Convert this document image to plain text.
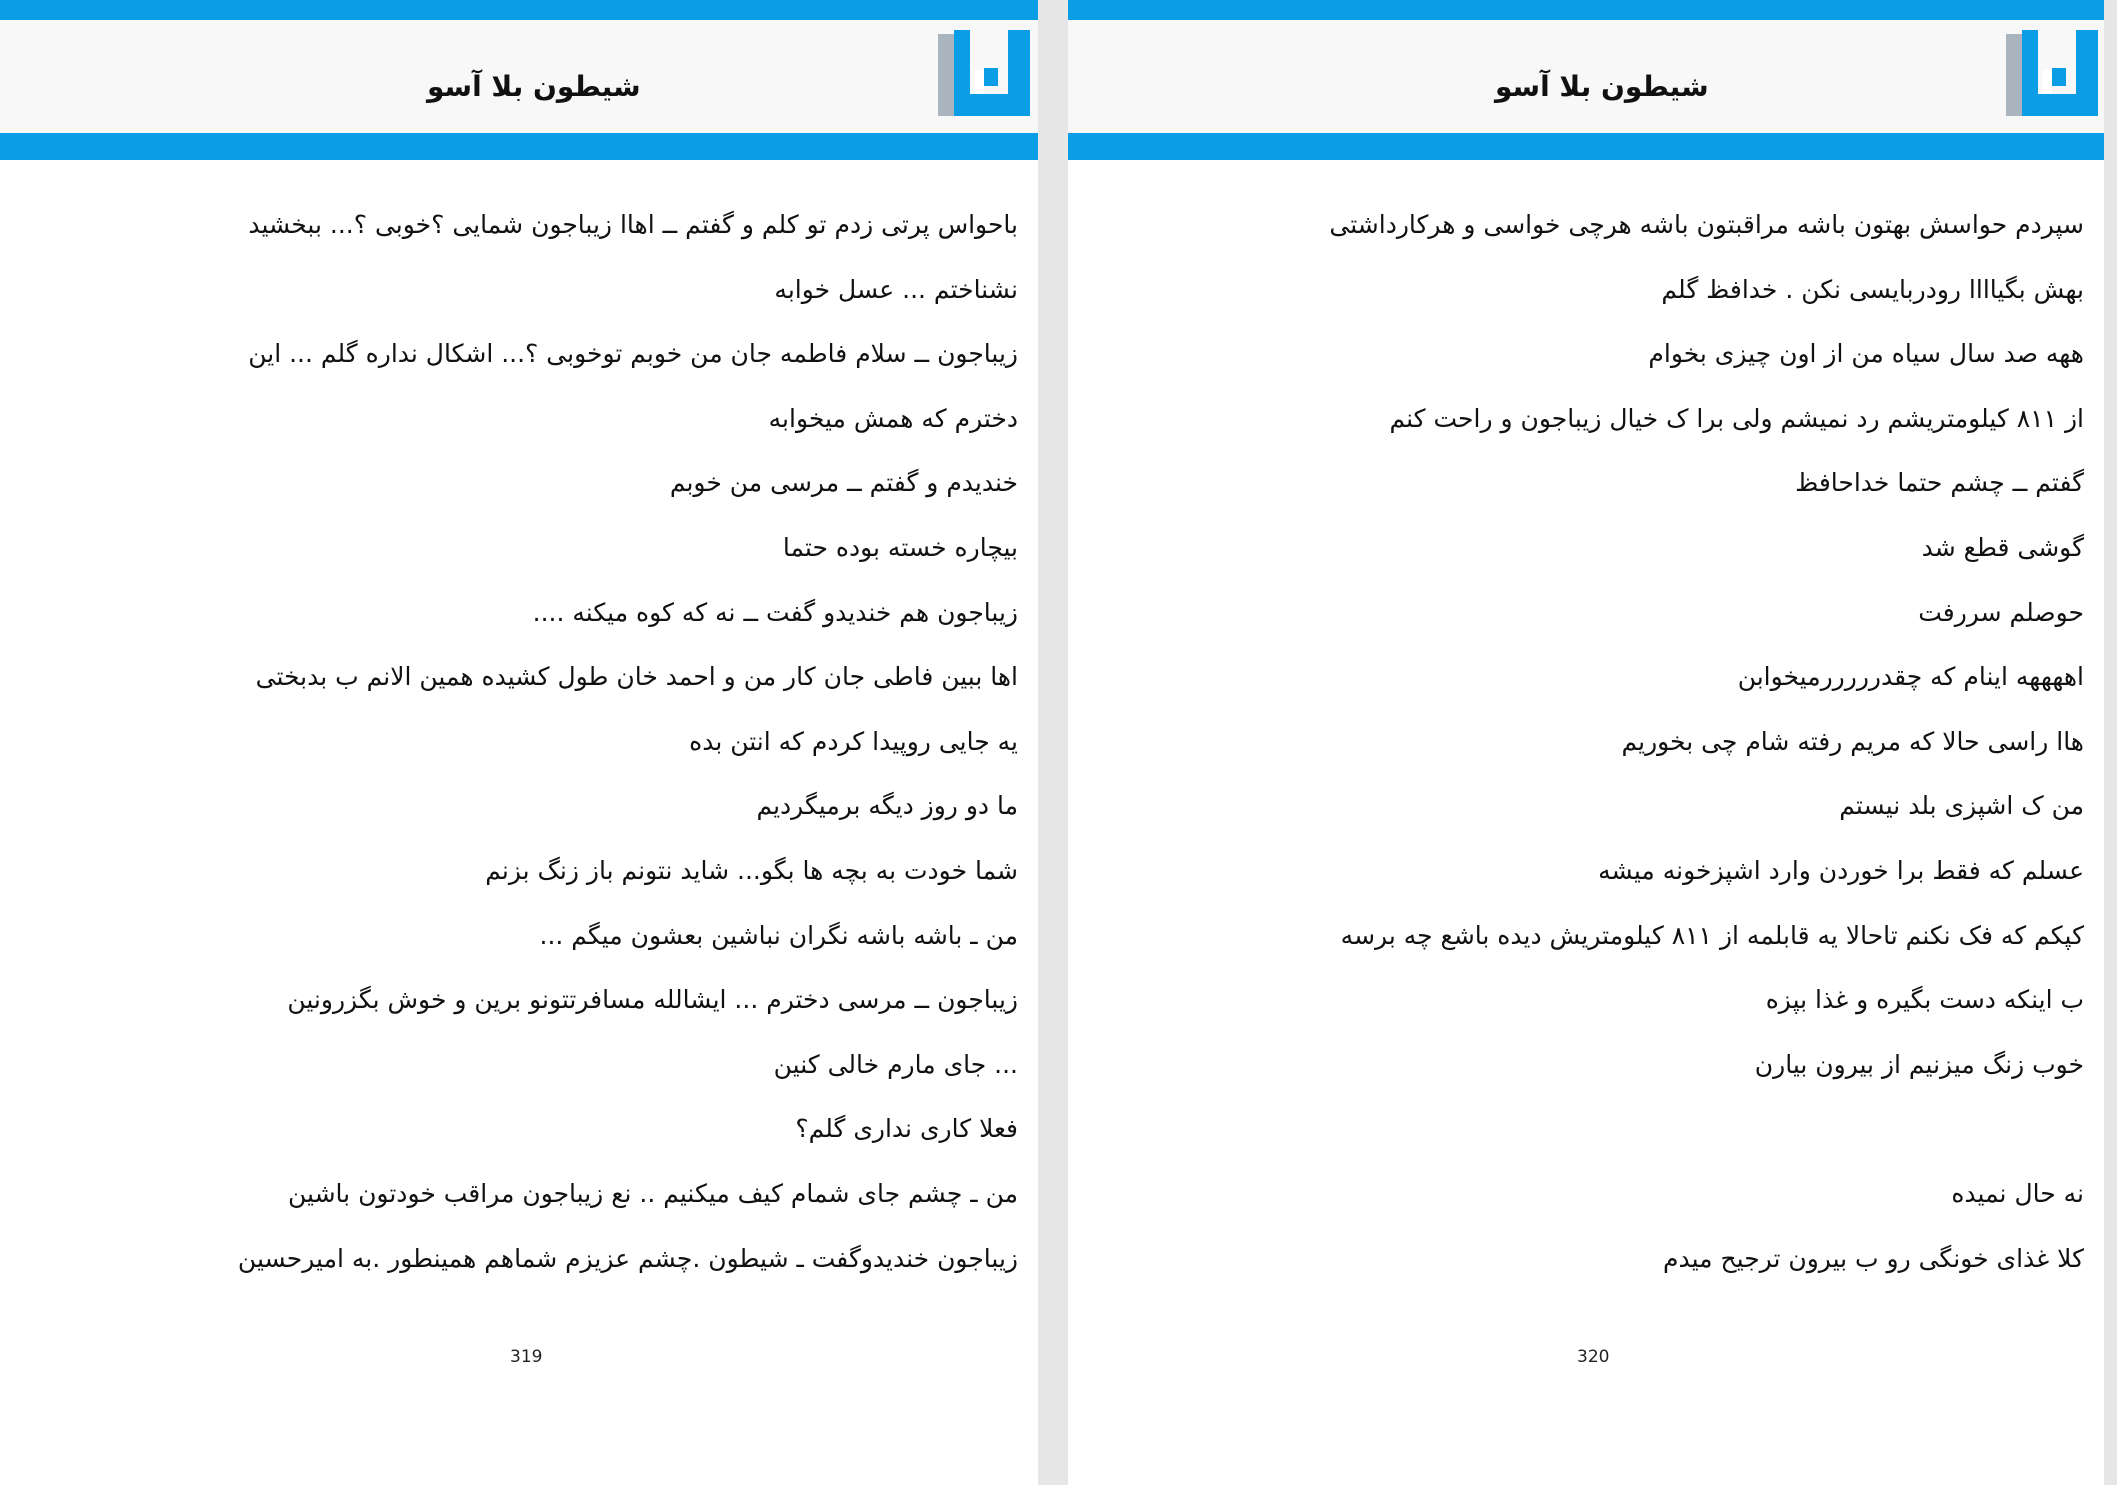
شیطون بلا آسو
باحواس پرتی زدم تو کلم و گفتم ــ اهاا زیباجون شمایی ؟خوبی ؟... ببخشید
نشناختم ... عسل خوابه
زیباجون ــ سلام فاطمه جان من خوبم توخوبی ؟... اشکال نداره گلم ... این
دخترم که همش میخوابه
خندیدم و گفتم ــ مرسی من خوبم
بیچاره خسته بوده حتما
زیباجون هم خندیدو گفت ــ نه که کوه میکنه ....
اها ببین فاطی جان کار من و احمد خان طول کشیده همین الانم ب بدبختی
یه جایی روپیدا کردم که انتن بده
ما دو روز دیگه برمیگردیم
شما خودت به بچه ها بگو... شاید نتونم باز زنگ بزنم
من ـ باشه باشه نگران نباشین بعشون میگم ...
زیباجون ــ مرسی دخترم ... ایشالله مسافرتتونو برین و خوش بگزرونین
... جای مارم خالی کنین
فعلا کاری نداری گلم؟
من ـ چشم جای شمام کیف میکنیم .. نع زیباجون مراقب خودتون باشین
زیباجون خندیدوگفت ـ شیطون .چشم عزیزم شماهم همینطور .به امیرحسین
319
شیطون بلا آسو
سپردم حواسش بهتون باشه مراقبتون باشه هرچی خواسی و هرکارداشتی
بهش بگیاااا رودربایسی نکن . خدافظ گلم
ههه صد سال سیاه من از اون چیزی بخوام
از ۸۱۱ کیلومتریشم رد نمیشم ولی برا ک خیال زیباجون و راحت کنم
گفتم ــ چشم حتما خداحافظ
گوشی قطع شد
حوصلم سررفت
اههههه اینام که چقدرررررمیخوابن
هاا راسی حالا که مریم رفته شام چی بخوریم
من ک اشپزی بلد نیستم
عسلم که فقط برا خوردن وارد اشپزخونه میشه
کپکم که فک نکنم تاحالا یه قابلمه از ۸۱۱ کیلومتریش دیده باشع چه برسه
ب اینکه دست بگیره و غذا بپزه
خوب زنگ میزنیم از بیرون بیارن
نه حال نمیده
کلا غذای خونگی رو ب بیرون ترجیح میدم
320
